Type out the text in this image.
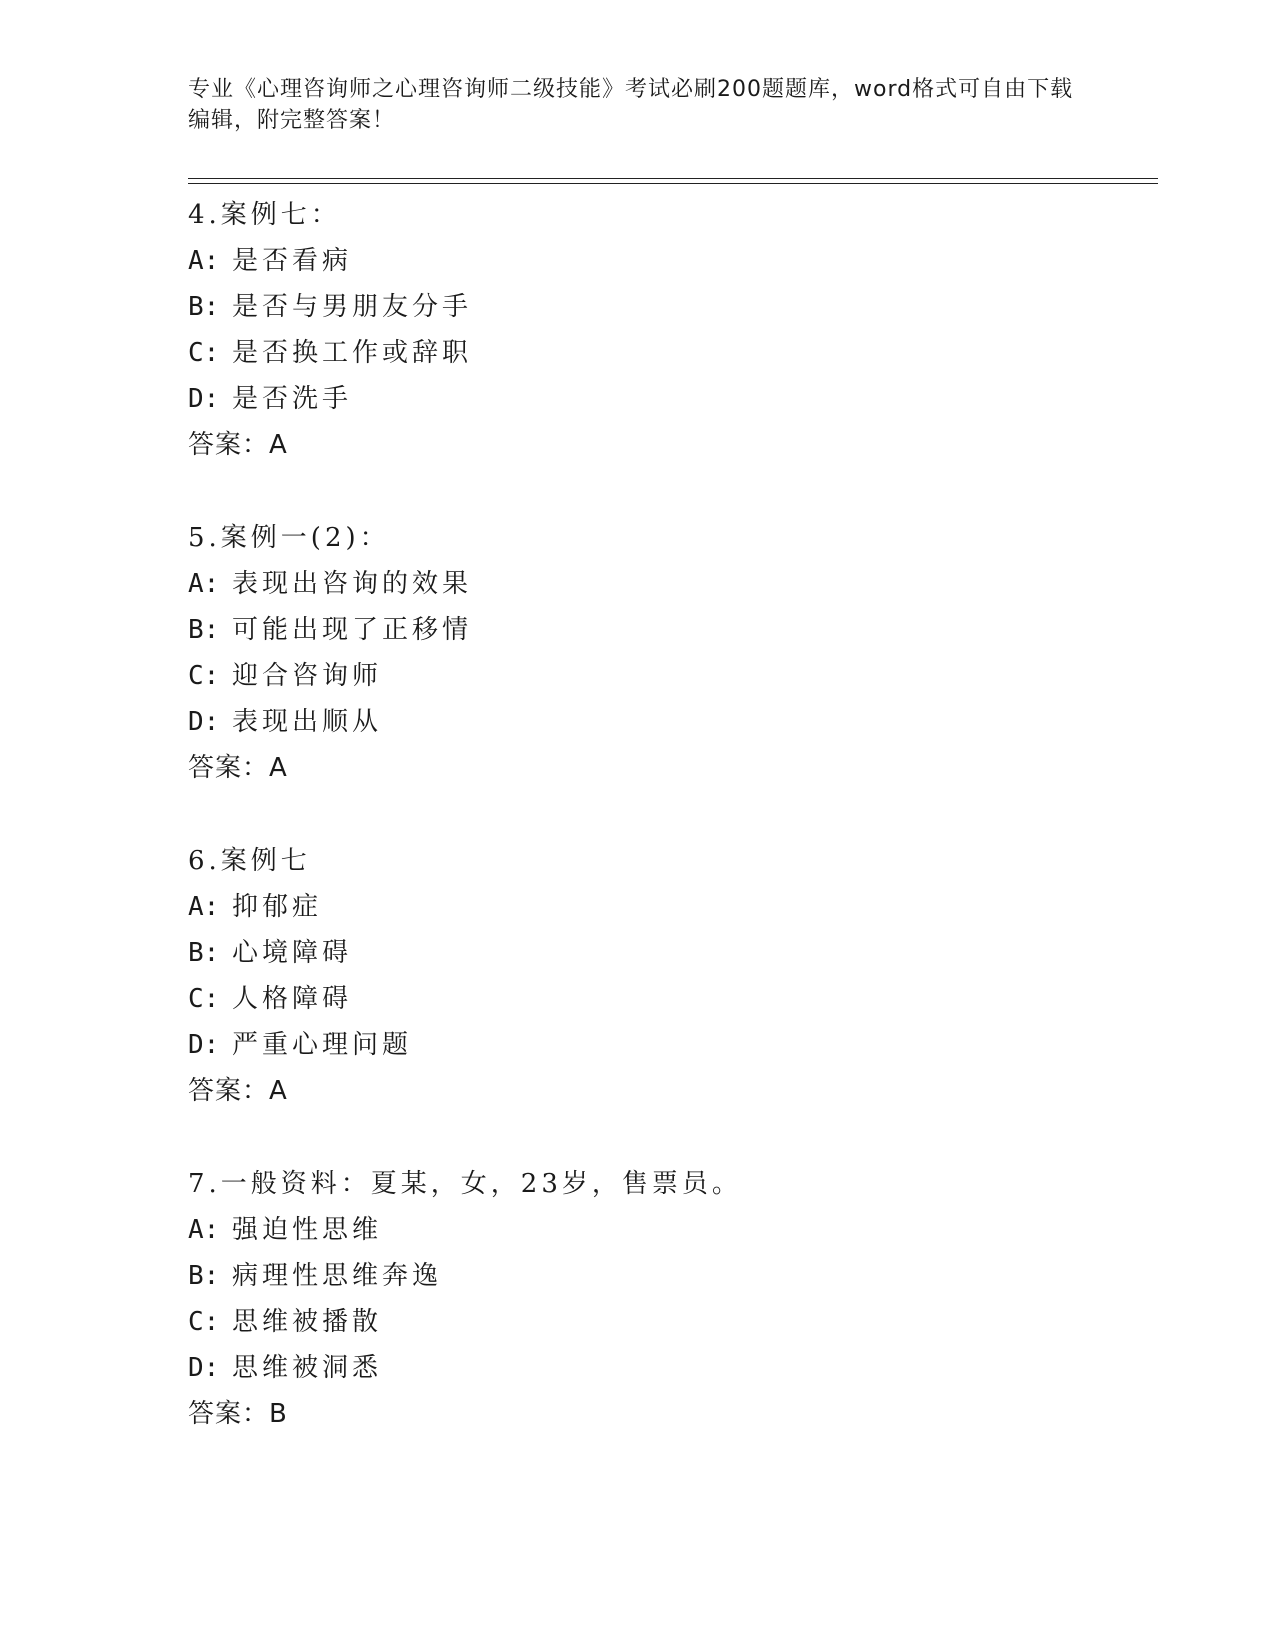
专业《心理咨询师之心理咨询师二级技能》考试必刷200题题库，word格式可自由下载编辑，附完整答案！
4.案例七：
A: 是否看病
B: 是否与男朋友分手
C: 是否换工作或辞职
D: 是否洗手
答案：A
5.案例一(2)：
A: 表现出咨询的效果
B: 可能出现了正移情
C: 迎合咨询师
D: 表现出顺从
答案：A
6.案例七
A: 抑郁症
B: 心境障碍
C: 人格障碍
D: 严重心理问题
答案：A
7.一般资料：夏某，女，23岁，售票员。
A: 强迫性思维
B: 病理性思维奔逸
C: 思维被播散
D: 思维被洞悉
答案：B
